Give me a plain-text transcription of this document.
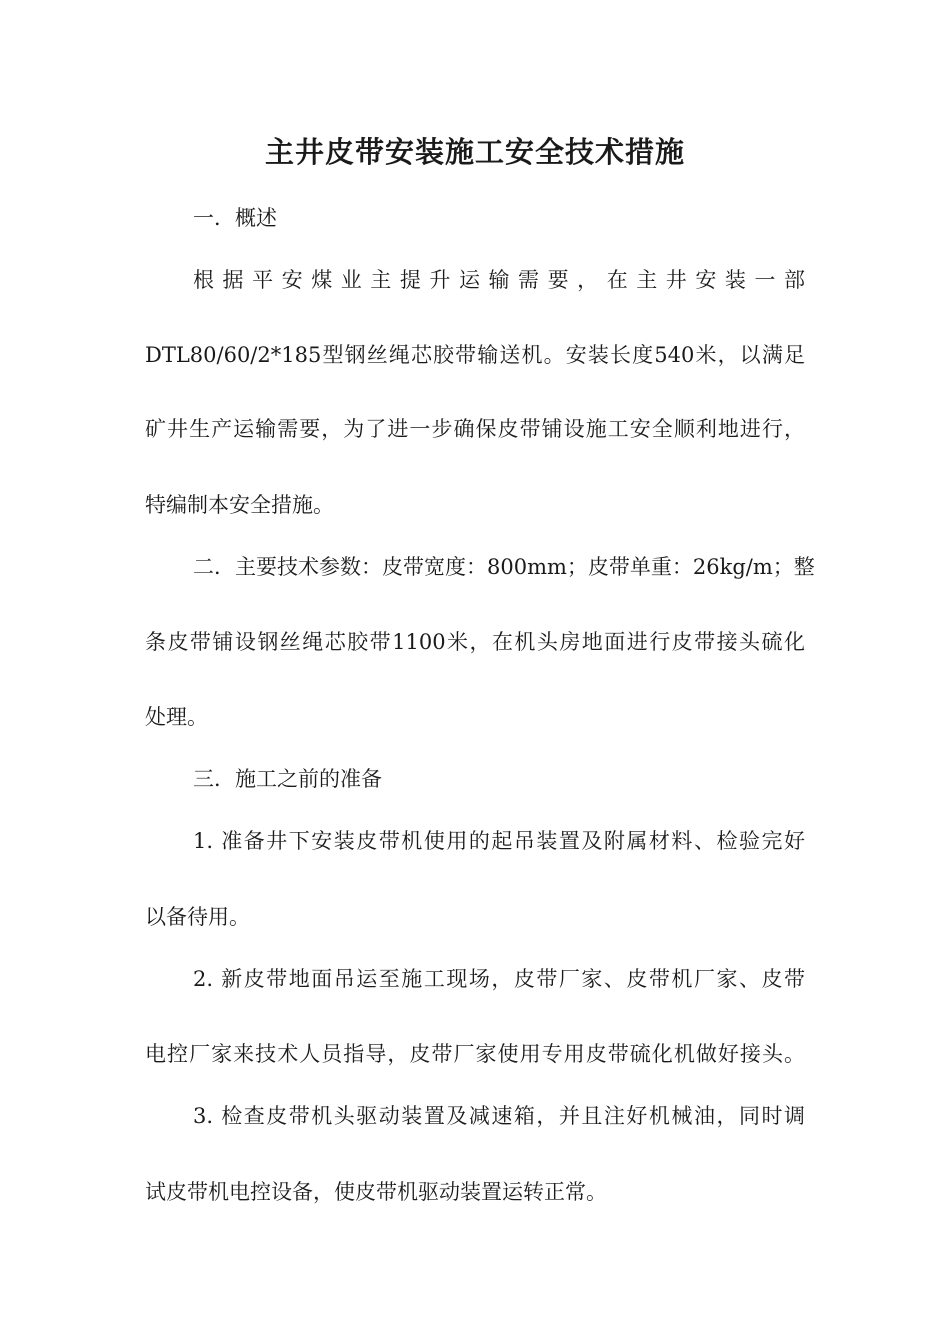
主井皮带安装施工安全技术措施

一．概述

根据平安煤业主提升运输需要，在主井安装一部

DTL80/60/2*185型钢丝绳芯胶带输送机。安装长度540米，以满足

矿井生产运输需要，为了进一步确保皮带铺设施工安全顺利地进行，

特编制本安全措施。

二．主要技术参数：皮带宽度：800mm；皮带单重：26kg/m；整

条皮带铺设钢丝绳芯胶带1100米，在机头房地面进行皮带接头硫化

处理。

三．施工之前的准备

1. 准备井下安装皮带机使用的起吊装置及附属材料、检验完好

以备待用。

2. 新皮带地面吊运至施工现场，皮带厂家、皮带机厂家、皮带

电控厂家来技术人员指导，皮带厂家使用专用皮带硫化机做好接头。

3. 检查皮带机头驱动装置及减速箱，并且注好机械油，同时调

试皮带机电控设备，使皮带机驱动装置运转正常。
